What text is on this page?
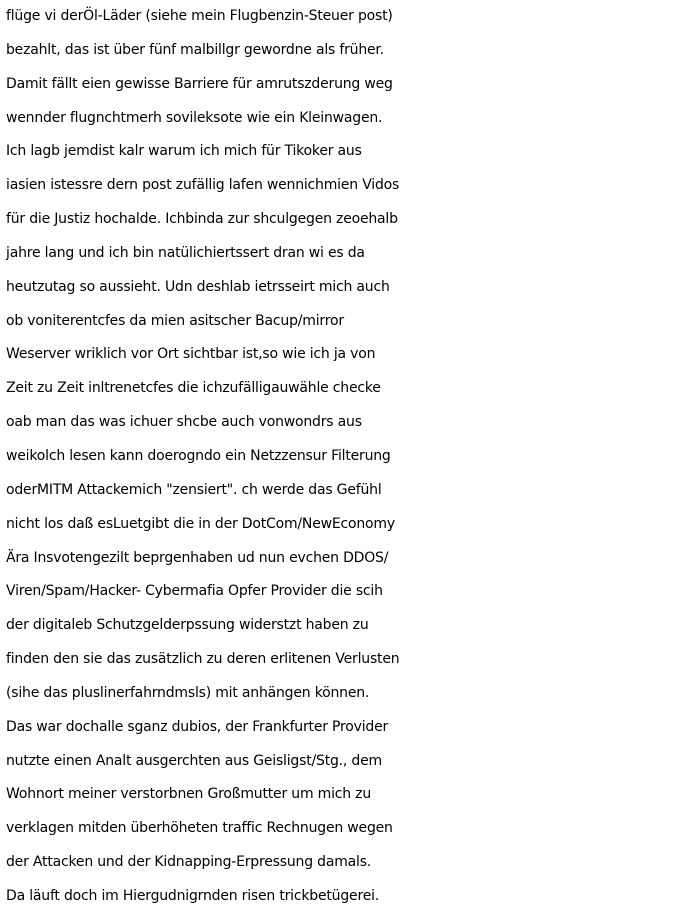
flüge vi derÖl-Läder (siehe mein Flugbenzin-Steuer post)
bezahlt, das ist über fünf malbillgr gewordne als früher.
Damit fällt eien gewisse Barriere für amrutszderung weg
wennder flugnchtmerh sovileksote wie ein Kleinwagen.
Ich lagb jemdist kalr warum ich mich für Tikoker aus
iasien istessre dern post zufällig lafen wennichmien Vidos
für die Justiz hochalde. Ichbinda zur shculgegen zeoehalb
jahre lang und ich bin natülichiertssert dran wi es da
heutzutag so aussieht. Udn deshlab ietrsseirt mich auch
ob voniterentcfes da mien asitscher Bacup/mirror
Weserver wriklich vor Ort sichtbar ist,so wie ich ja von
Zeit zu Zeit inltrenetcfes die ichzufälligauwähle checke
oab man das was ichuer shcbe auch vonwondrs aus
weikolch lesen kann doerogndo ein Netzzensur Filterung
oderMITM Attackemich "zensiert". ch werde das Gefühl
nicht los daß esLuetgibt die in der DotCom/NewEconomy
Ära Insvotengezilt beprgenhaben ud nun evchen DDOS/
Viren/Spam/Hacker- Cybermafia Opfer Provider die scih
der digitaleb Schutzgelderpssung widerstzt haben zu
finden den sie das zusätzlich zu deren erlitenen Verlusten
(sihe das pluslinerfahrndmsls) mit anhängen können.
Das war dochalle sganz dubios, der Frankfurter Provider
nutzte einen Analt ausgerchten aus Geisligst/Stg., dem
Wohnort meiner verstorbnen Großmutter um mich zu
verklagen mitden überhöheten traffic Rechnugen wegen
der Attacken und der Kidnapping-Erpressung damals.
Da läuft doch im Hiergudnigrnden risen trickbetügerei.
